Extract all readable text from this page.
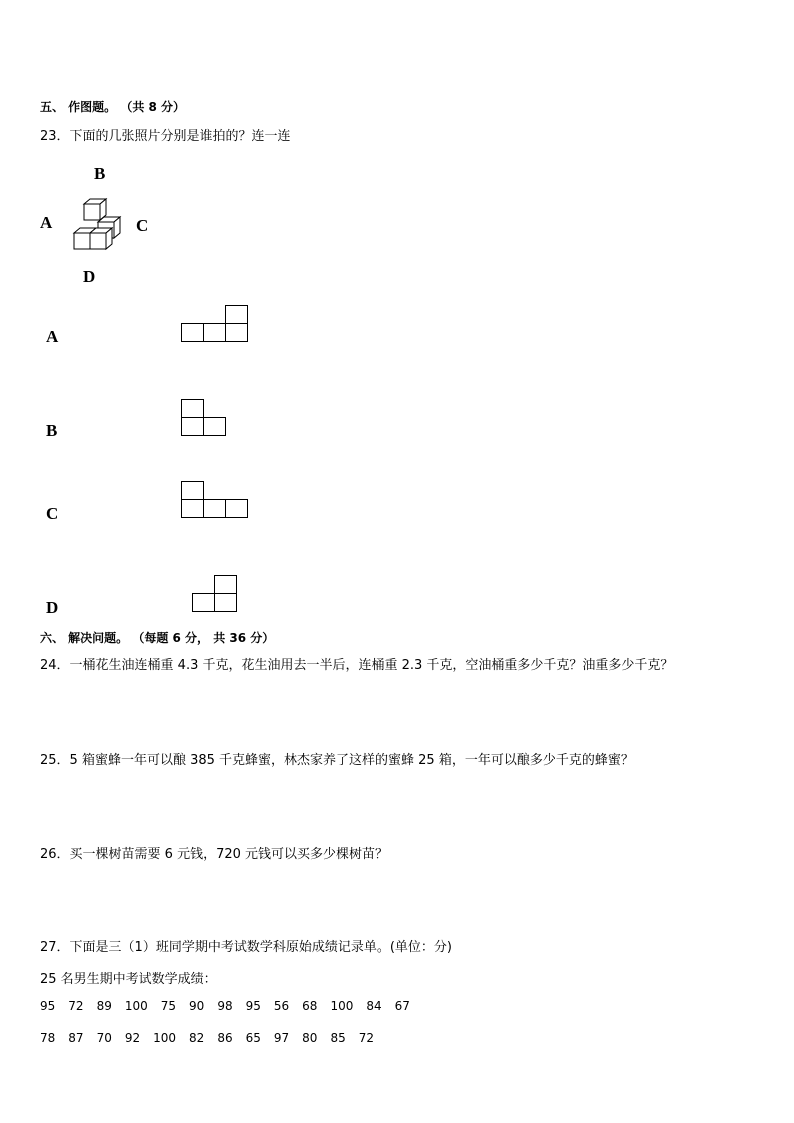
五、 作图题。 （共 8 分）
23．下面的几张照片分别是谁拍的？连一连
B
A	C
D
A
B
C
D
六、 解决问题。 （每题 6 分， 共 36 分）
24．一桶花生油连桶重 4.3 千克，花生油用去一半后，连桶重 2.3 千克，空油桶重多少千克？油重多少千克？
25．5 箱蜜蜂一年可以酿 385 千克蜂蜜，林杰家养了这样的蜜蜂 25 箱，一年可以酿多少千克的蜂蜜？
26．买一棵树苗需要 6 元钱，720 元钱可以买多少棵树苗？
27．下面是三（1）班同学期中考试数学科原始成绩记录单。(单位：分)
25 名男生期中考试数学成绩：
95 72 89 100 75 90 98 95 56 68 100 84 67
78 87 70 92 100 82 86 65 97 80 85 72
